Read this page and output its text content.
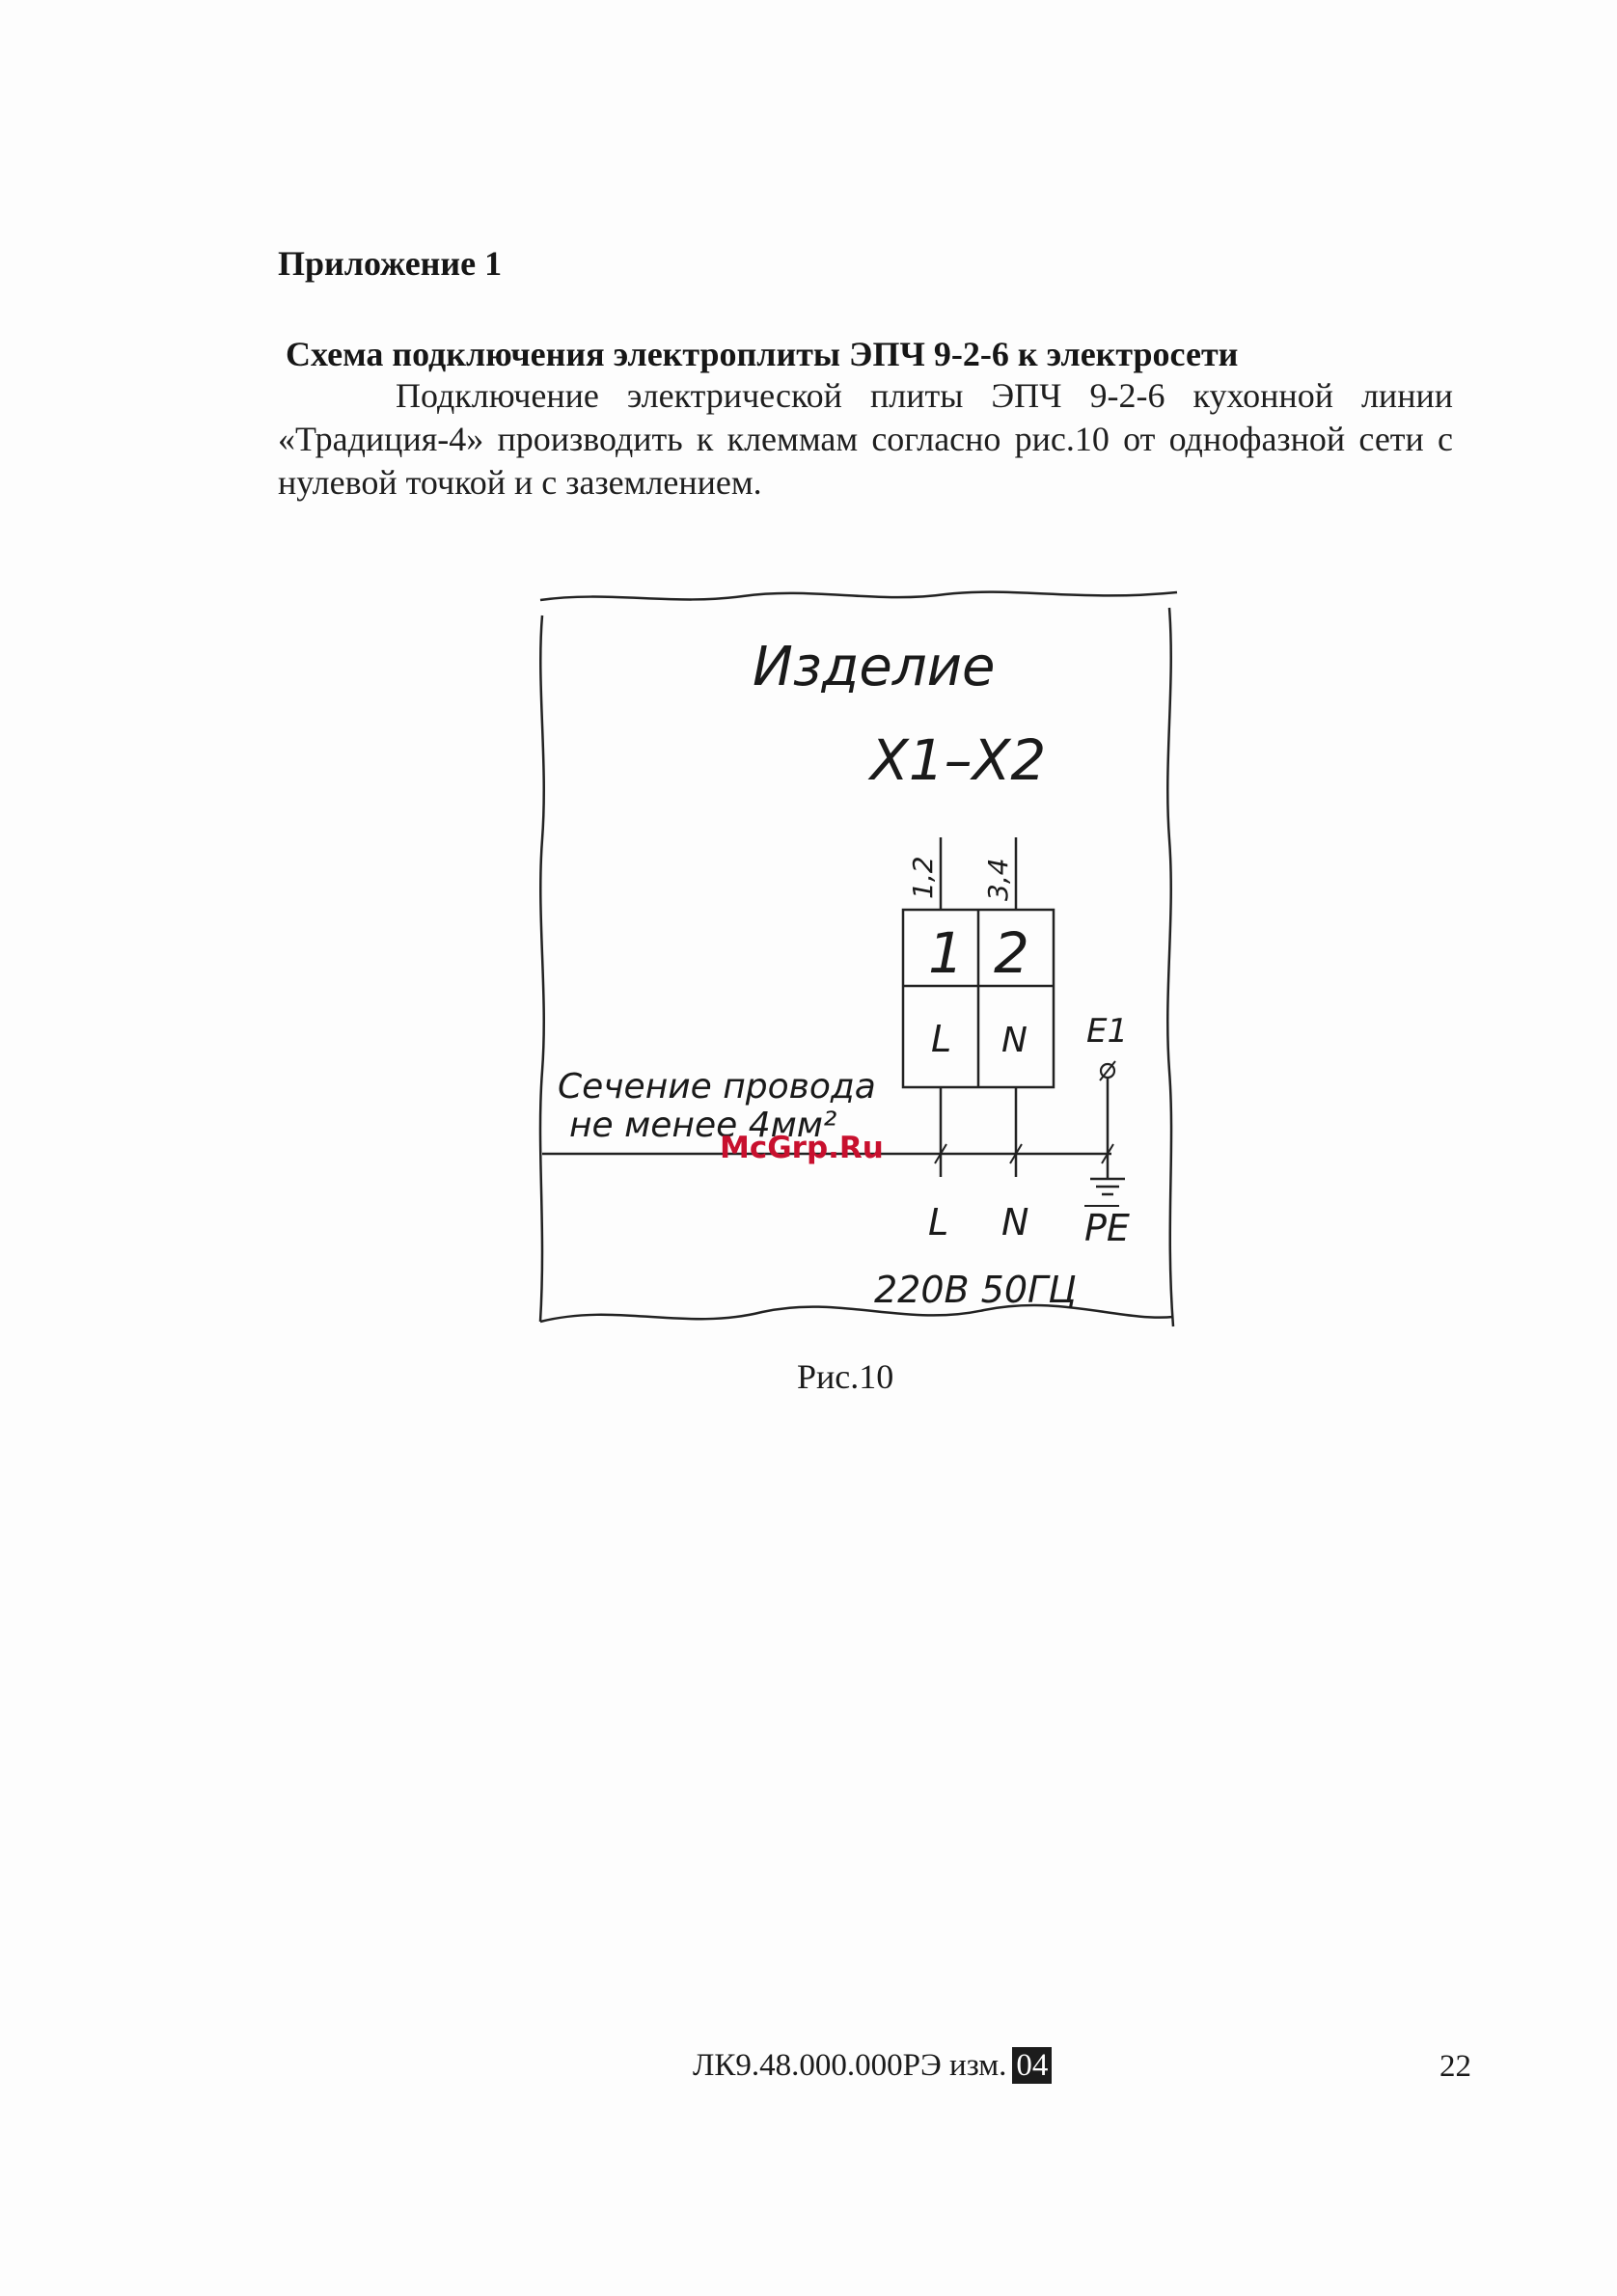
Приложение 1
Схема подключения электроплиты ЭПЧ 9-2-6 к электросети
Подключение электрической плиты ЭПЧ 9-2-6 кухонной линии «Традиция-4» производить к клеммам согласно рис.10 от однофазной сети с нулевой точкой и с заземлением.
Изделие
X1–X2
1,2 3,4
1 2
L N E1
Сечение провода
не менее 4мм²
L N PE
220В 50ГЦ
McGrp.Ru
Рис.10
ЛК9.48.000.000РЭ изм. 04	22
